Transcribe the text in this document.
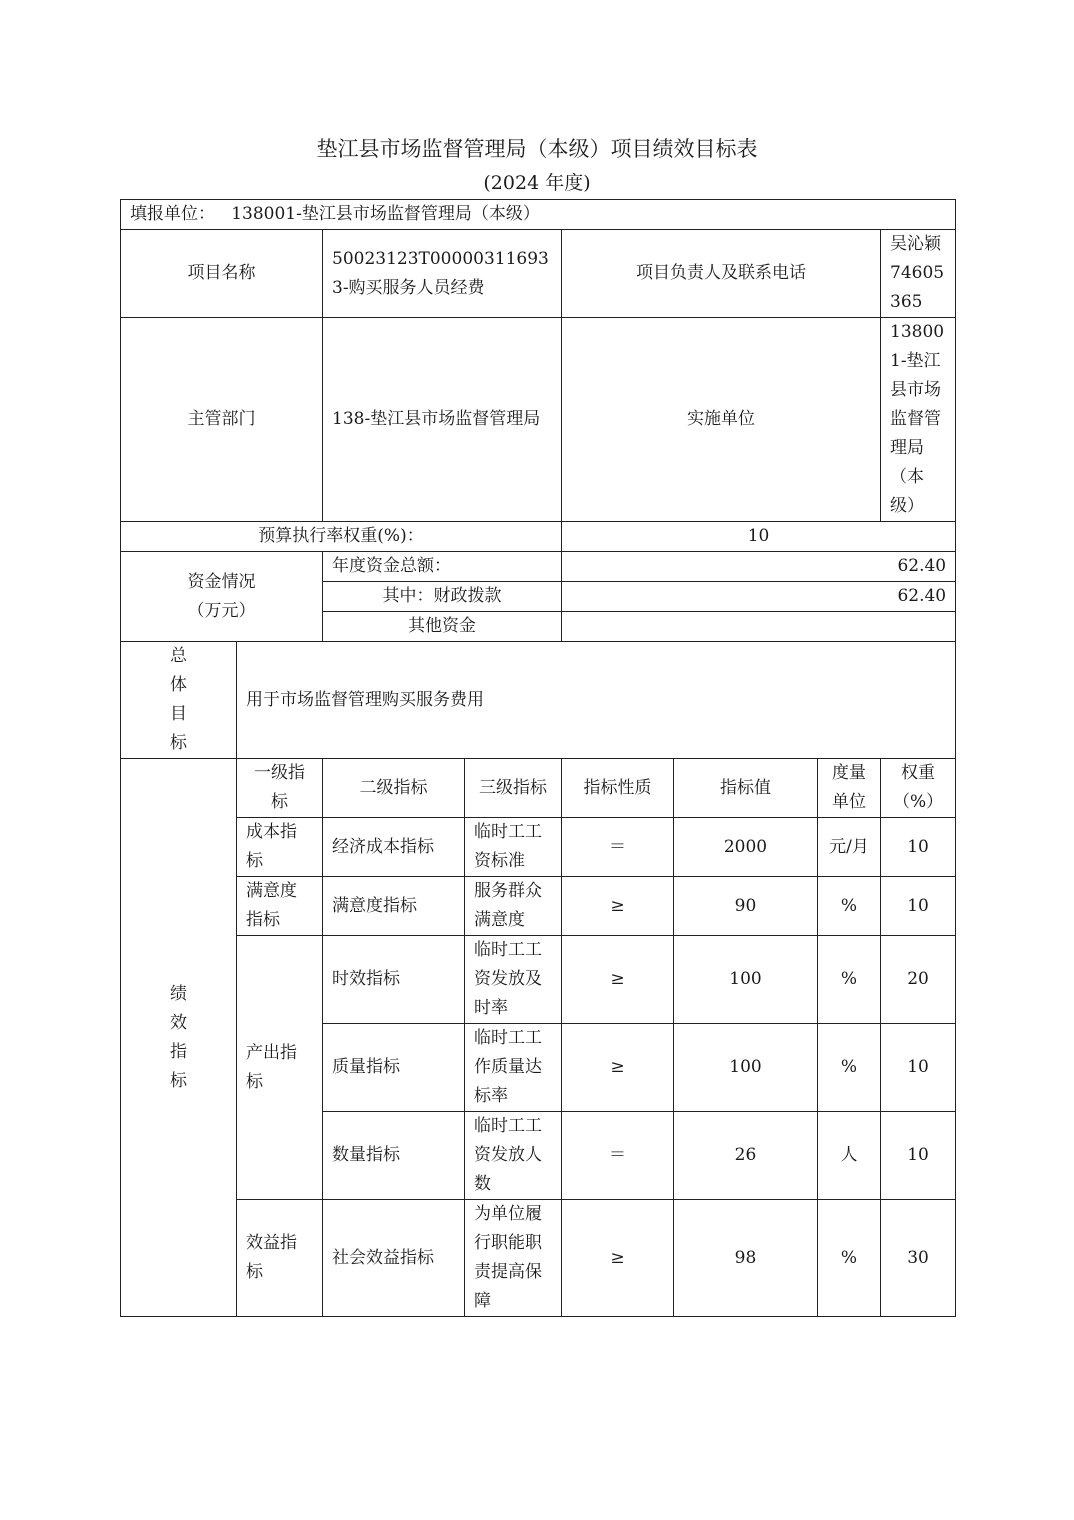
垫江县市场监督管理局（本级）项目绩效目标表
(2024 年度)
填报单位： 138001-垫江县市场监督管理局（本级）							
项目名称		50023123T000003116933-购买服务人员经费		项目负责人及联系电话			吴沁颖74605365
主管部门		138-垫江县市场监督管理局		实施单位			138001-垫江县市场监督管理局（本级）
预算执行率权重(%)：				10			
资金情况（万元）		年度资金总额：		62.40			
		其中：财政拨款		62.40			
		其他资金					
总体目标	用于市场监督管理购买服务费用						
绩效指标	一级指标	二级指标	三级指标	指标性质	指标值	度量单位	权重（%）
	成本指标	经济成本指标	临时工工资标准	＝	2000	元/月	10
	满意度指标	满意度指标	服务群众满意度	≥	90	%	10
	产出指标	时效指标	临时工工资发放及时率	≥	100	%	20
		质量指标	临时工工作质量达标率	≥	100	%	10
		数量指标	临时工工资发放人数	＝	26	人	10
	效益指标	社会效益指标	为单位履行职能职责提高保障	≥	98	%	30
